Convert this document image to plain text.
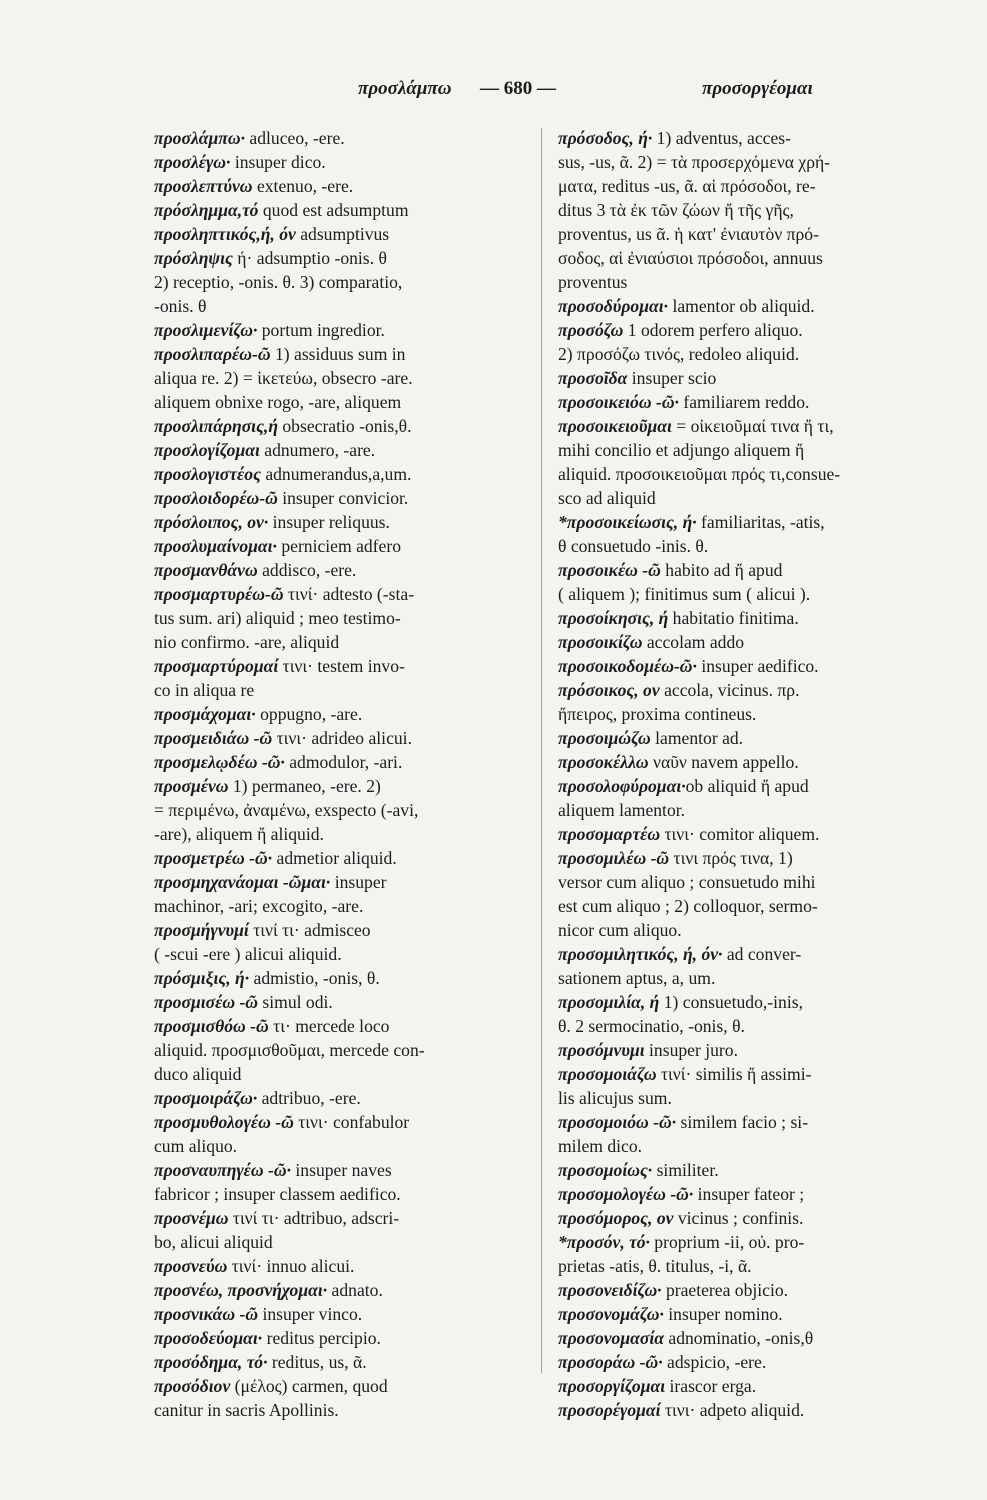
προσλάμπω — 680 —	προσοργέομαι
προσλάμπω· adluceo, -ere.
προσλέγω· insuper dico.
προσλεπτύνω extenuo, -ere.
πρόσλημμα,τό quod est adsumptum
προσληπτικός,ή, όν adsumptivus
πρόσληψις ή· adsumptio -onis. θ
2) receptio, -onis. θ. 3) comparatio,
-onis. θ
προσλιμενίζω· portum ingredior.
προσλιπαρέω-ῶ 1) assiduus sum in
aliqua re. 2) = ἱκετεύω, obsecro -are.
aliquem obnixe rogo, -are, aliquem
προσλιπάρησις,ή obsecratio -onis,θ.
προσλογίζομαι adnumero, -are.
προσλογιστέος adnumerandus,a,um.
προσλοιδορέω-ῶ insuper convicior.
πρόσλοιπος, ον· insuper reliquus.
προσλυμαίνομαι· perniciem adfero
προσμανθάνω addisco, -ere.
προσμαρτυρέω-ῶ τινί· adtesto (-sta-
tus sum. ari) aliquid ; meo testimo-
nio confirmo. -are, aliquid
προσμαρτύρομαί τινι· testem invo-
co in aliqua re
προσμάχομαι· oppugno, -are.
προσμειδιάω -ῶ τινι· adrideo alicui.
προσμελῳδέω -ῶ· admodulor, -ari.
προσμένω 1) permaneo, -ere. 2)
= περιμένω, ἀναμένω, exspecto (-avi,
-are), aliquem ἤ aliquid.
προσμετρέω -ῶ· admetior aliquid.
προσμηχανάομαι -ῶμαι· insuper
machinor, -ari; excogito, -are.
προσμήγνυμί τινί τι· admisceo
( -scui -ere ) alicui aliquid.
πρόσμιξις, ή· admistio, -onis, θ.
προσμισέω -ῶ simul odi.
προσμισθόω -ῶ τι· mercede loco
aliquid. προσμισθοῦμαι, mercede con-
duco aliquid
προσμοιράζω· adtribuo, -ere.
προσμυθολογέω -ῶ τινι· confabulor
cum aliquo.
προσναυπηγέω -ῶ· insuper naves
fabricor ; insuper classem aedifico.
προσνέμω τινί τι· adtribuo, adscri-
bo, alicui aliquid
προσνεύω τινί· innuo alicui.
προσνέω, προσνήχομαι· adnato.
προσνικάω -ῶ insuper vinco.
προσοδεύομαι· reditus percipio.
προσόδημα, τό· reditus, us, ᾶ.
προσόδιον (μέλος) carmen, quod
canitur in sacris Apollinis.
πρόσοδος, ή· 1) adventus, acces-
sus, -us, ᾶ. 2) = τὰ προσερχόμενα χρή-
ματα, reditus -us, ᾶ. αἱ πρόσοδοι, re-
ditus 3 τὰ ἐκ τῶν ζώων ἤ τῆς γῆς,
proventus, us ᾶ. ἡ κατ' ἐνιαυτὸν πρό-
σοδος, αἱ ἐνιαύσιοι πρόσοδοι, annuus
proventus
προσοδύρομαι· lamentor ob aliquid.
προσόζω 1 odorem perfero aliquo.
2) προσόζω τινός, redoleo aliquid.
προσοῖδα insuper scio
προσοικειόω -ῶ· familiarem reddo.
προσοικειοῦμαι = οἰκειοῦμαί τινα ἤ τι,
mihi concilio et adjungo aliquem ἤ
aliquid. προσοικειοῦμαι πρός τι,consue-
sco ad aliquid
*προσοικείωσις, ή· familiaritas, -atis,
θ consuetudo -inis. θ.
προσοικέω -ῶ habito ad ἤ apud
( aliquem ); finitimus sum ( alicui ).
προσοίκησις, ή habitatio finitima.
προσοικίζω accolam addo
προσοικοδομέω-ῶ· insuper aedifico.
πρόσοικος, ον accola, vicinus. πρ.
ἤπειρος, proxima contineus.
προσοιμώζω lamentor ad.
προσοκέλλω ναῦν navem appello.
προσολοφύρομαι·ob aliquid ἤ apud
aliquem lamentor.
προσομαρτέω τινι· comitor aliquem.
προσομιλέω -ῶ τινι πρός τινα, 1)
versor cum aliquo ; consuetudo mihi
est cum aliquo ; 2) colloquor, sermo-
nicor cum aliquo.
προσομιλητικός, ή, όν· ad conver-
sationem aptus, a, um.
προσομιλία, ή 1) consuetudo,-inis,
θ. 2 sermocinatio, -onis, θ.
προσόμνυμι insuper juro.
προσομοιάζω τινί· similis ἤ assimi-
lis alicujus sum.
προσομοιόω -ῶ· similem facio ; si-
milem dico.
προσομοίως· similiter.
προσομολογέω -ῶ· insuper fateor ;
προσόμορος, ον vicinus ; confinis.
*προσόν, τό· proprium -ii, οὐ. pro-
prietas -atis, θ. titulus, -i, ᾶ.
προσονειδίζω· praeterea objicio.
προσονομάζω· insuper nomino.
προσονομασία adnominatio, -onis,θ
προσοράω -ῶ· adspicio, -ere.
προσοργίζομαι irascor erga.
προσορέγομαί τινι· adpeto aliquid.
